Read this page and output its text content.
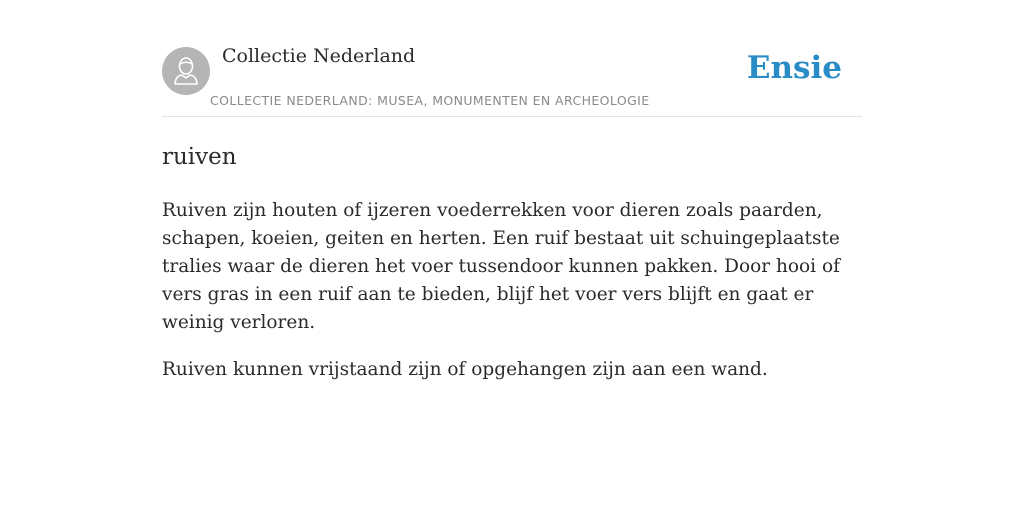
Collectie Nederland
COLLECTIE NEDERLAND: MUSEA, MONUMENTEN EN ARCHEOLOGIE
Ensie
ruiven

Ruiven zijn houten of ijzeren voederrekken voor dieren zoals paarden, schapen, koeien, geiten en herten. Een ruif bestaat uit schuingeplaatste tralies waar de dieren het voer tussendoor kunnen pakken. Door hooi of vers gras in een ruif aan te bieden, blijf het voer vers blijft en gaat er weinig verloren.

Ruiven kunnen vrijstaand zijn of opgehangen zijn aan een wand.
